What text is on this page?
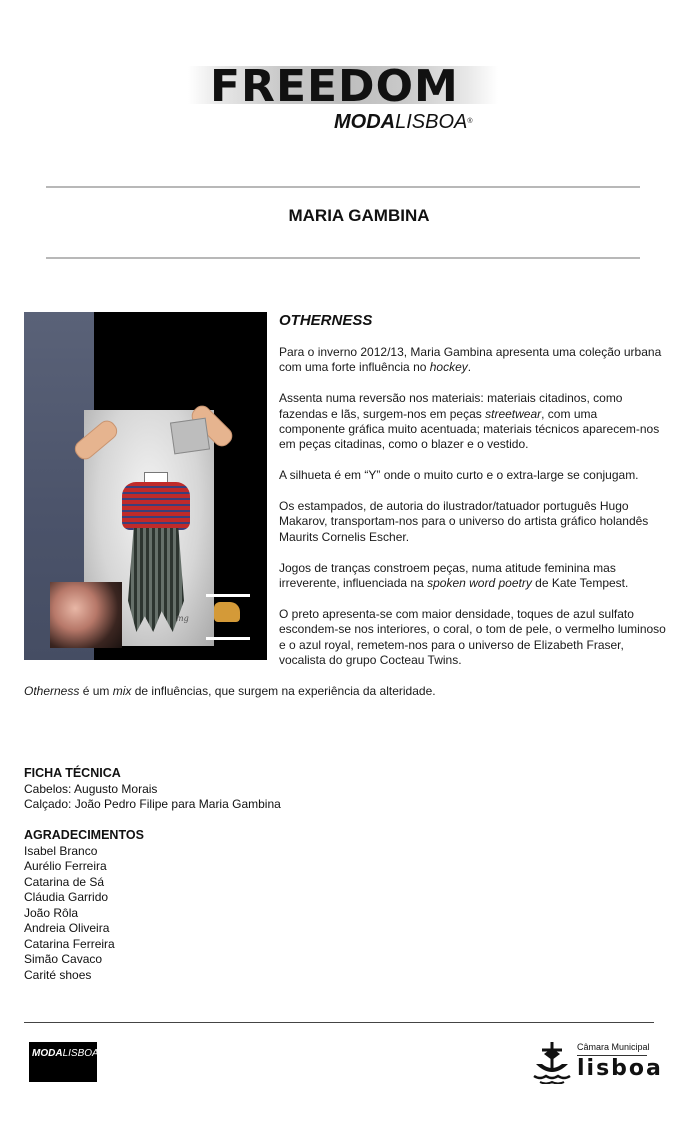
FREEDOM
MODALISBOA®
MARIA GAMBINA
mg
OTHERNESS

Para o inverno 2012/13, Maria Gambina apresenta uma coleção urbana com uma forte influência no hockey.

Assenta numa reversão nos materiais: materiais citadinos, como fazendas e lãs, surgem-nos em peças streetwear, com uma componente gráfica muito acentuada; materiais técnicos aparecem-nos em peças citadinas, como o blazer e o vestido.

A silhueta é em “Y” onde o muito curto e o extra-large se conjugam.

Os estampados, de autoria do ilustrador/tatuador português Hugo Makarov, transportam-nos para o universo do artista gráfico holandês Maurits Cornelis Escher.

Jogos de tranças constroem peças, numa atitude feminina mas irreverente, influenciada na spoken word poetry de Kate Tempest.

O preto apresenta-se com maior densidade, toques de azul sulfato escondem-se nos interiores, o coral, o tom de pele, o vermelho luminoso e o azul royal, remetem-nos para o universo de Elizabeth Fraser, vocalista do grupo Cocteau Twins.

Otherness é um mix de influências, que surgem na experiência da alteridade.

FICHA TÉCNICA
Cabelos: Augusto Morais
Calçado: João Pedro Filipe para Maria Gambina
AGRADECIMENTOS
Isabel Branco
Aurélio Ferreira
Catarina de Sá
Cláudia Garrido
João Rôla
Andreia Oliveira
Catarina Ferreira
Simão Cavaco
Carité shoes
MODALISBOA
Câmara Municipal
lisboa
